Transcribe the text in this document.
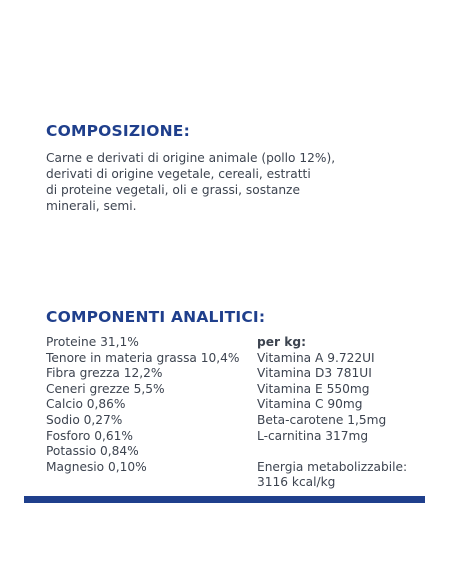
COMPOSIZIONE:
Carne e derivati di origine animale (pollo 12%),
derivati di origine vegetale, cereali, estratti
di proteine vegetali, oli e grassi, sostanze
minerali, semi.
COMPONENTI ANALITICI:
Proteine 31,1%
Tenore in materia grassa 10,4%
Fibra grezza 12,2%
Ceneri grezze 5,5%
Calcio 0,86%
Sodio 0,27%
Fosforo 0,61%
Potassio 0,84%
Magnesio 0,10%
per kg:
Vitamina A 9.722UI
Vitamina D3 781UI
Vitamina E 550mg
Vitamina C 90mg
Beta-carotene 1,5mg
L-carnitina 317mg
Energia metabolizzabile:
3116 kcal/kg
